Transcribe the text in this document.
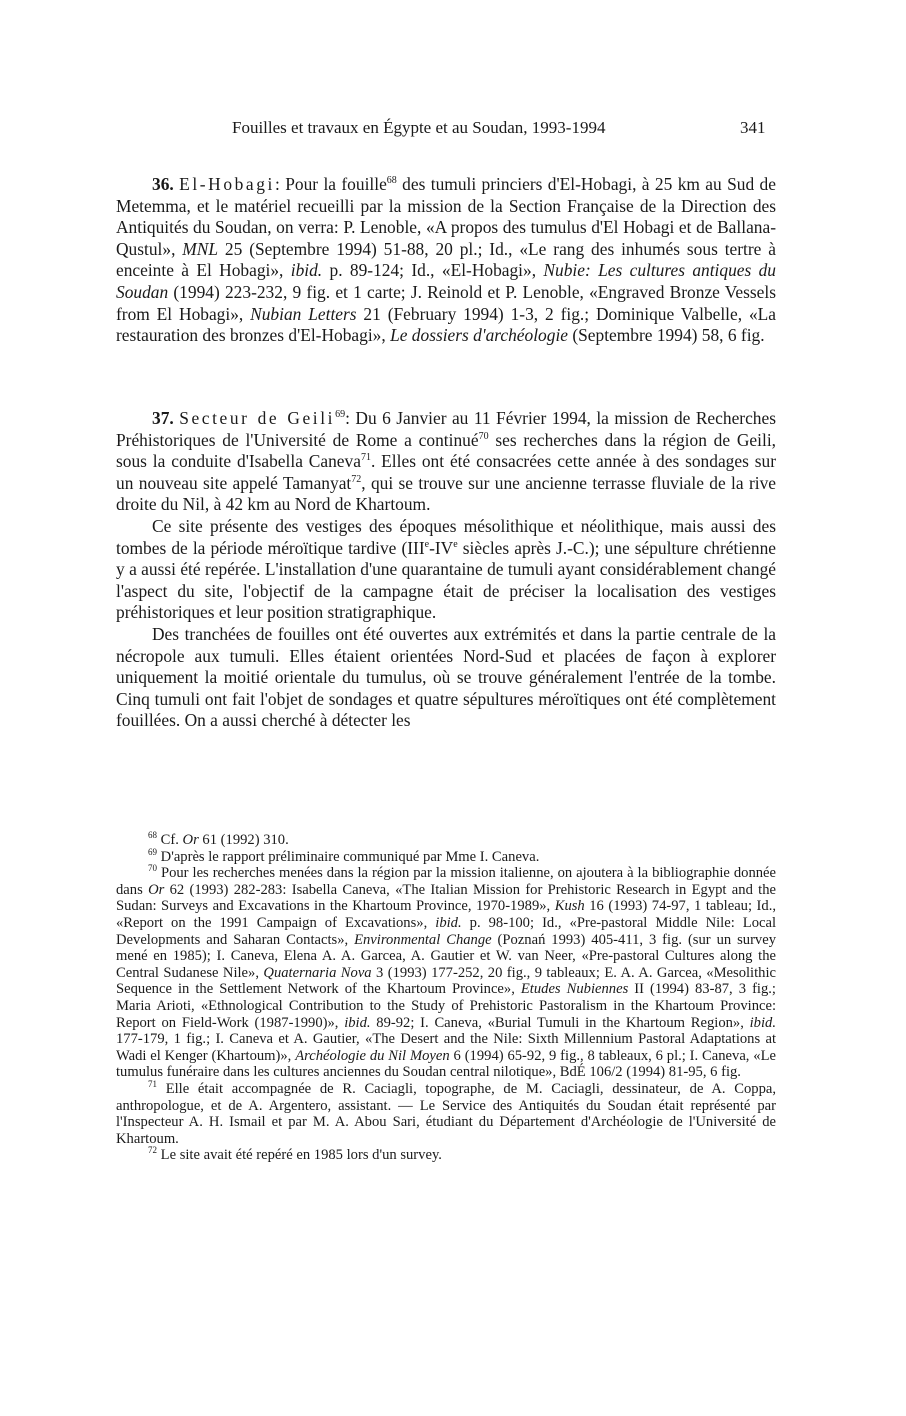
Fouilles et travaux en Égypte et au Soudan, 1993-1994	341

36. El-Hobagi: Pour la fouille$^{68}$ des tumuli princiers d'El-Hobagi, à 25 km au Sud de Metemma, et le matériel recueilli par la mission de la Section Française de la Direction des Antiquités du Soudan, on verra: P. Lenoble, «A propos des tumulus d'El Hobagi et de Ballana-Qustul», MNL 25 (Septembre 1994) 51-88, 20 pl.; Id., «Le rang des inhumés sous tertre à enceinte à El Hobagi», ibid. p. 89-124; Id., «El-Hobagi», Nubie: Les cultures antiques du Soudan (1994) 223-232, 9 fig. et 1 carte; J. Reinold et P. Lenoble, «Engraved Bronze Vessels from El Hobagi», Nubian Letters 21 (February 1994) 1-3, 2 fig.; Dominique Valbelle, «La restauration des bronzes d'El-Hobagi», Le dossiers d'archéologie (Septembre 1994) 58, 6 fig.

37. Secteur de Geili$^{69}$: Du 6 Janvier au 11 Février 1994, la mission de Recherches Préhistoriques de l'Université de Rome a continué$^{70}$ ses recherches dans la région de Geili, sous la conduite d'Isabella Caneva$^{71}$. Elles ont été consacrées cette année à des sondages sur un nouveau site appelé Tamanyat$^{72}$, qui se trouve sur une ancienne terrasse fluviale de la rive droite du Nil, à 42 km au Nord de Khartoum.

Ce site présente des vestiges des époques mésolithique et néolithique, mais aussi des tombes de la période méroïtique tardive (IIIe-IVe siècles après J.-C.); une sépulture chrétienne y a aussi été repérée. L'installation d'une quarantaine de tumuli ayant considérablement changé l'aspect du site, l'objectif de la campagne était de préciser la localisation des vestiges préhistoriques et leur position stratigraphique.

Des tranchées de fouilles ont été ouvertes aux extrémités et dans la partie centrale de la nécropole aux tumuli. Elles étaient orientées Nord-Sud et placées de façon à explorer uniquement la moitié orientale du tumulus, où se trouve généralement l'entrée de la tombe. Cinq tumuli ont fait l'objet de sondages et quatre sépultures méroïtiques ont été complètement fouillées. On a aussi cherché à détecter les

$^{68}$ Cf. Or 61 (1992) 310.

$^{69}$ D'après le rapport préliminaire communiqué par Mme I. Caneva.

$^{70}$ Pour les recherches menées dans la région par la mission italienne, on ajoutera à la bibliographie donnée dans Or 62 (1993) 282-283: Isabella Caneva, «The Italian Mission for Prehistoric Research in Egypt and the Sudan: Surveys and Excavations in the Khartoum Province, 1970-1989», Kush 16 (1993) 74-97, 1 tableau; Id., «Report on the 1991 Campaign of Excavations», ibid. p. 98-100; Id., «Pre-pastoral Middle Nile: Local Developments and Saharan Contacts», Environmental Change (Poznań 1993) 405-411, 3 fig. (sur un survey mené en 1985); I. Caneva, Elena A. A. Garcea, A. Gautier et W. van Neer, «Pre-pastoral Cultures along the Central Sudanese Nile», Quaternaria Nova 3 (1993) 177-252, 20 fig., 9 tableaux; E. A. A. Garcea, «Mesolithic Sequence in the Settlement Network of the Khartoum Province», Etudes Nubiennes II (1994) 83-87, 3 fig.; Maria Arioti, «Ethnological Contribution to the Study of Prehistoric Pastoralism in the Khartoum Province: Report on Field-Work (1987-1990)», ibid. 89-92; I. Caneva, «Burial Tumuli in the Khartoum Region», ibid. 177-179, 1 fig.; I. Caneva et A. Gautier, «The Desert and the Nile: Sixth Millennium Pastoral Adaptations at Wadi el Kenger (Khartoum)», Archéologie du Nil Moyen 6 (1994) 65-92, 9 fig., 8 tableaux, 6 pl.; I. Caneva, «Le tumulus funéraire dans les cultures anciennes du Soudan central nilotique», BdÉ 106/2 (1994) 81-95, 6 fig.

$^{71}$ Elle était accompagnée de R. Caciagli, topographe, de M. Caciagli, dessinateur, de A. Coppa, anthropologue, et de A. Argentero, assistant. — Le Service des Antiquités du Soudan était représenté par l'Inspecteur A. H. Ismail et par M. A. Abou Sari, étudiant du Département d'Archéologie de l'Université de Khartoum.

$^{72}$ Le site avait été repéré en 1985 lors d'un survey.
